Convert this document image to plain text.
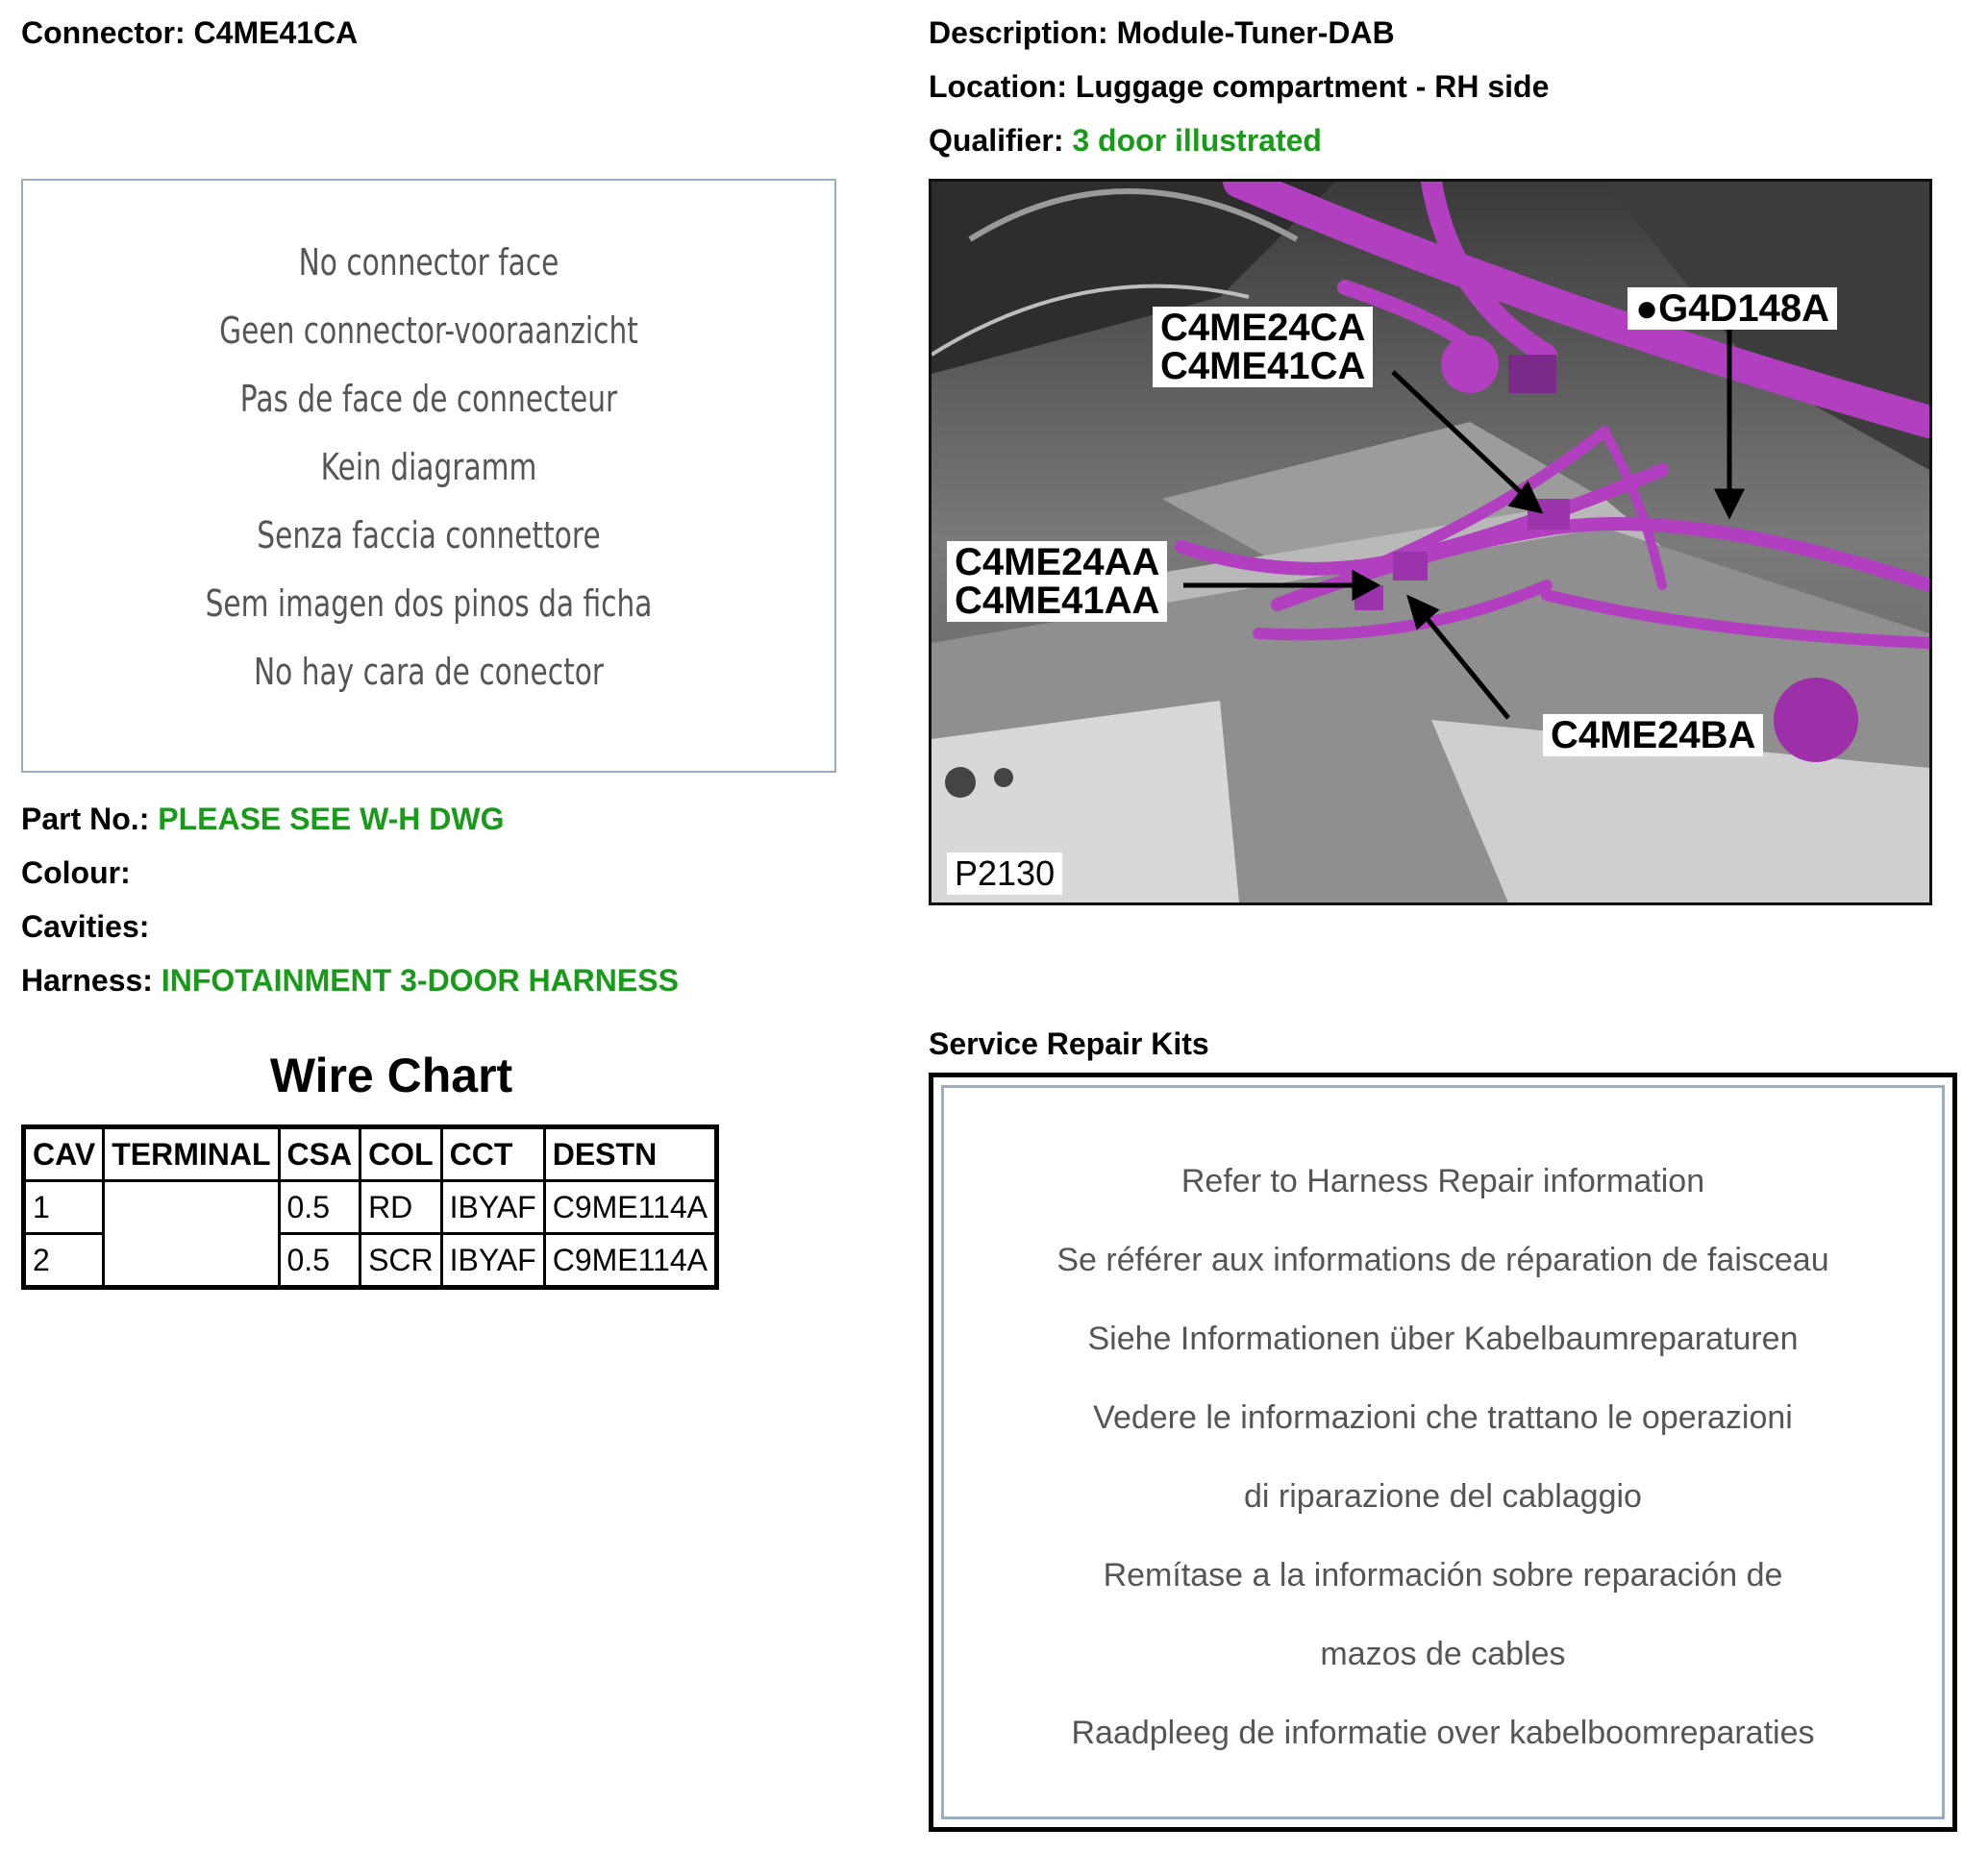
Connector: C4ME41CA	Description: Module-Tuner-DAB
Location: Luggage compartment - RH side
Qualifier: 3 door illustrated
No connector face
Geen connector-vooraanzicht
Pas de face de connecteur
Kein diagramm
Senza faccia connettore
Sem imagen dos pinos da ficha
No hay cara de conector
C4ME24CA
C4ME41CA
●G4D148A
C4ME24AA
C4ME41AA
C4ME24BA
P2130
Part No.: PLEASE SEE W-H DWG
Colour:
Cavities:
Harness: INFOTAINMENT 3-DOOR HARNESS
Wire Chart
CAV	TERMINAL	CSA	COL	CCT	DESTN
1		0.5	RD	IBYAF	C9ME114A
2		0.5	SCR	IBYAF	C9ME114A
Service Repair Kits
Refer to Harness Repair information
Se référer aux informations de réparation de faisceau
Siehe Informationen über Kabelbaumreparaturen
Vedere le informazioni che trattano le operazioni
di riparazione del cablaggio
Remítase a la información sobre reparación de
mazos de cables
Raadpleeg de informatie over kabelboomreparaties
